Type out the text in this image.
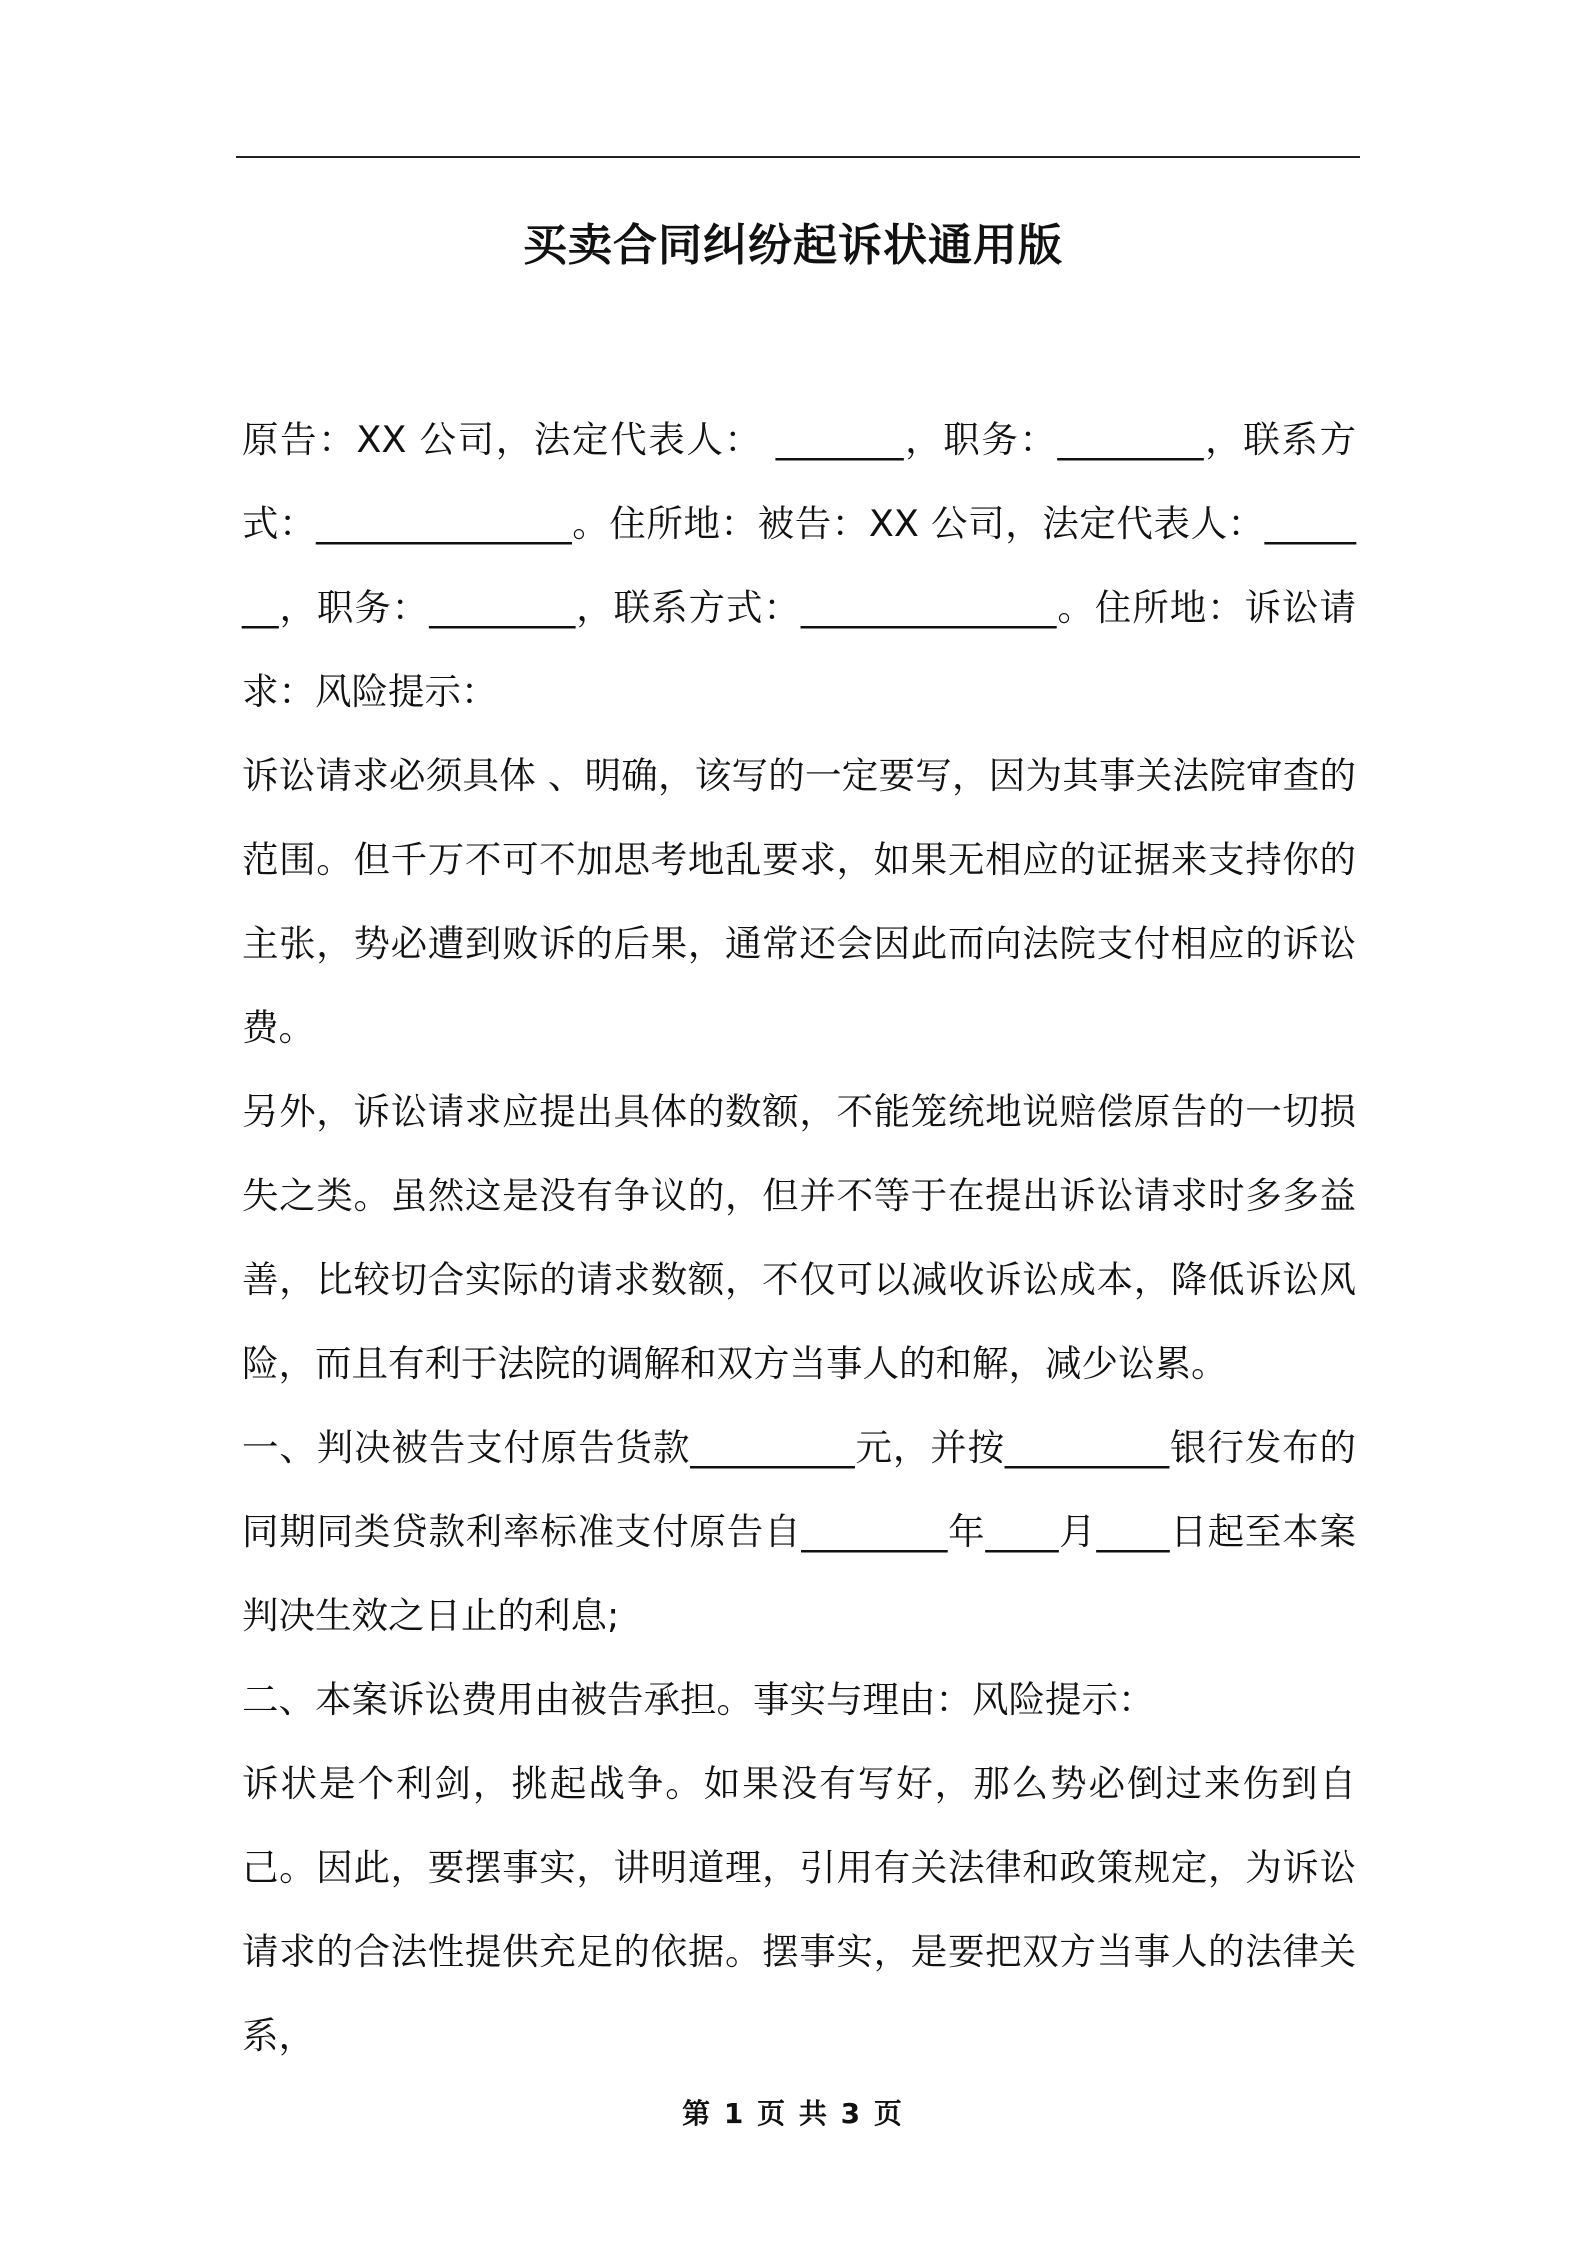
买卖合同纠纷起诉状通用版

原告：XX 公司，法定代表人： _______，职务：________，联系方式：______________。住所地：被告：XX 公司，法定代表人：_______，职务：________，联系方式：______________。住所地：诉讼请求：风险提示：

诉讼请求必须具体 、明确，该写的一定要写，因为其事关法院审查的范围。但千万不可不加思考地乱要求，如果无相应的证据来支持你的主张，势必遭到败诉的后果，通常还会因此而向法院支付相应的诉讼费。

另外，诉讼请求应提出具体的数额，不能笼统地说赔偿原告的一切损失之类。虽然这是没有争议的，但并不等于在提出诉讼请求时多多益善，比较切合实际的请求数额，不仅可以减收诉讼成本，降低诉讼风险，而且有利于法院的调解和双方当事人的和解，减少讼累。

一、判决被告支付原告货款_________元，并按_________银行发布的同期同类贷款利率标准支付原告自________年____月____日起至本案判决生效之日止的利息;

二、本案诉讼费用由被告承担。事实与理由：风险提示：

诉状是个利剑，挑起战争。如果没有写好，那么势必倒过来伤到自己。因此，要摆事实，讲明道理，引用有关法律和政策规定，为诉讼请求的合法性提供充足的依据。摆事实，是要把双方当事人的法律关系，

第 1 页 共 3 页
